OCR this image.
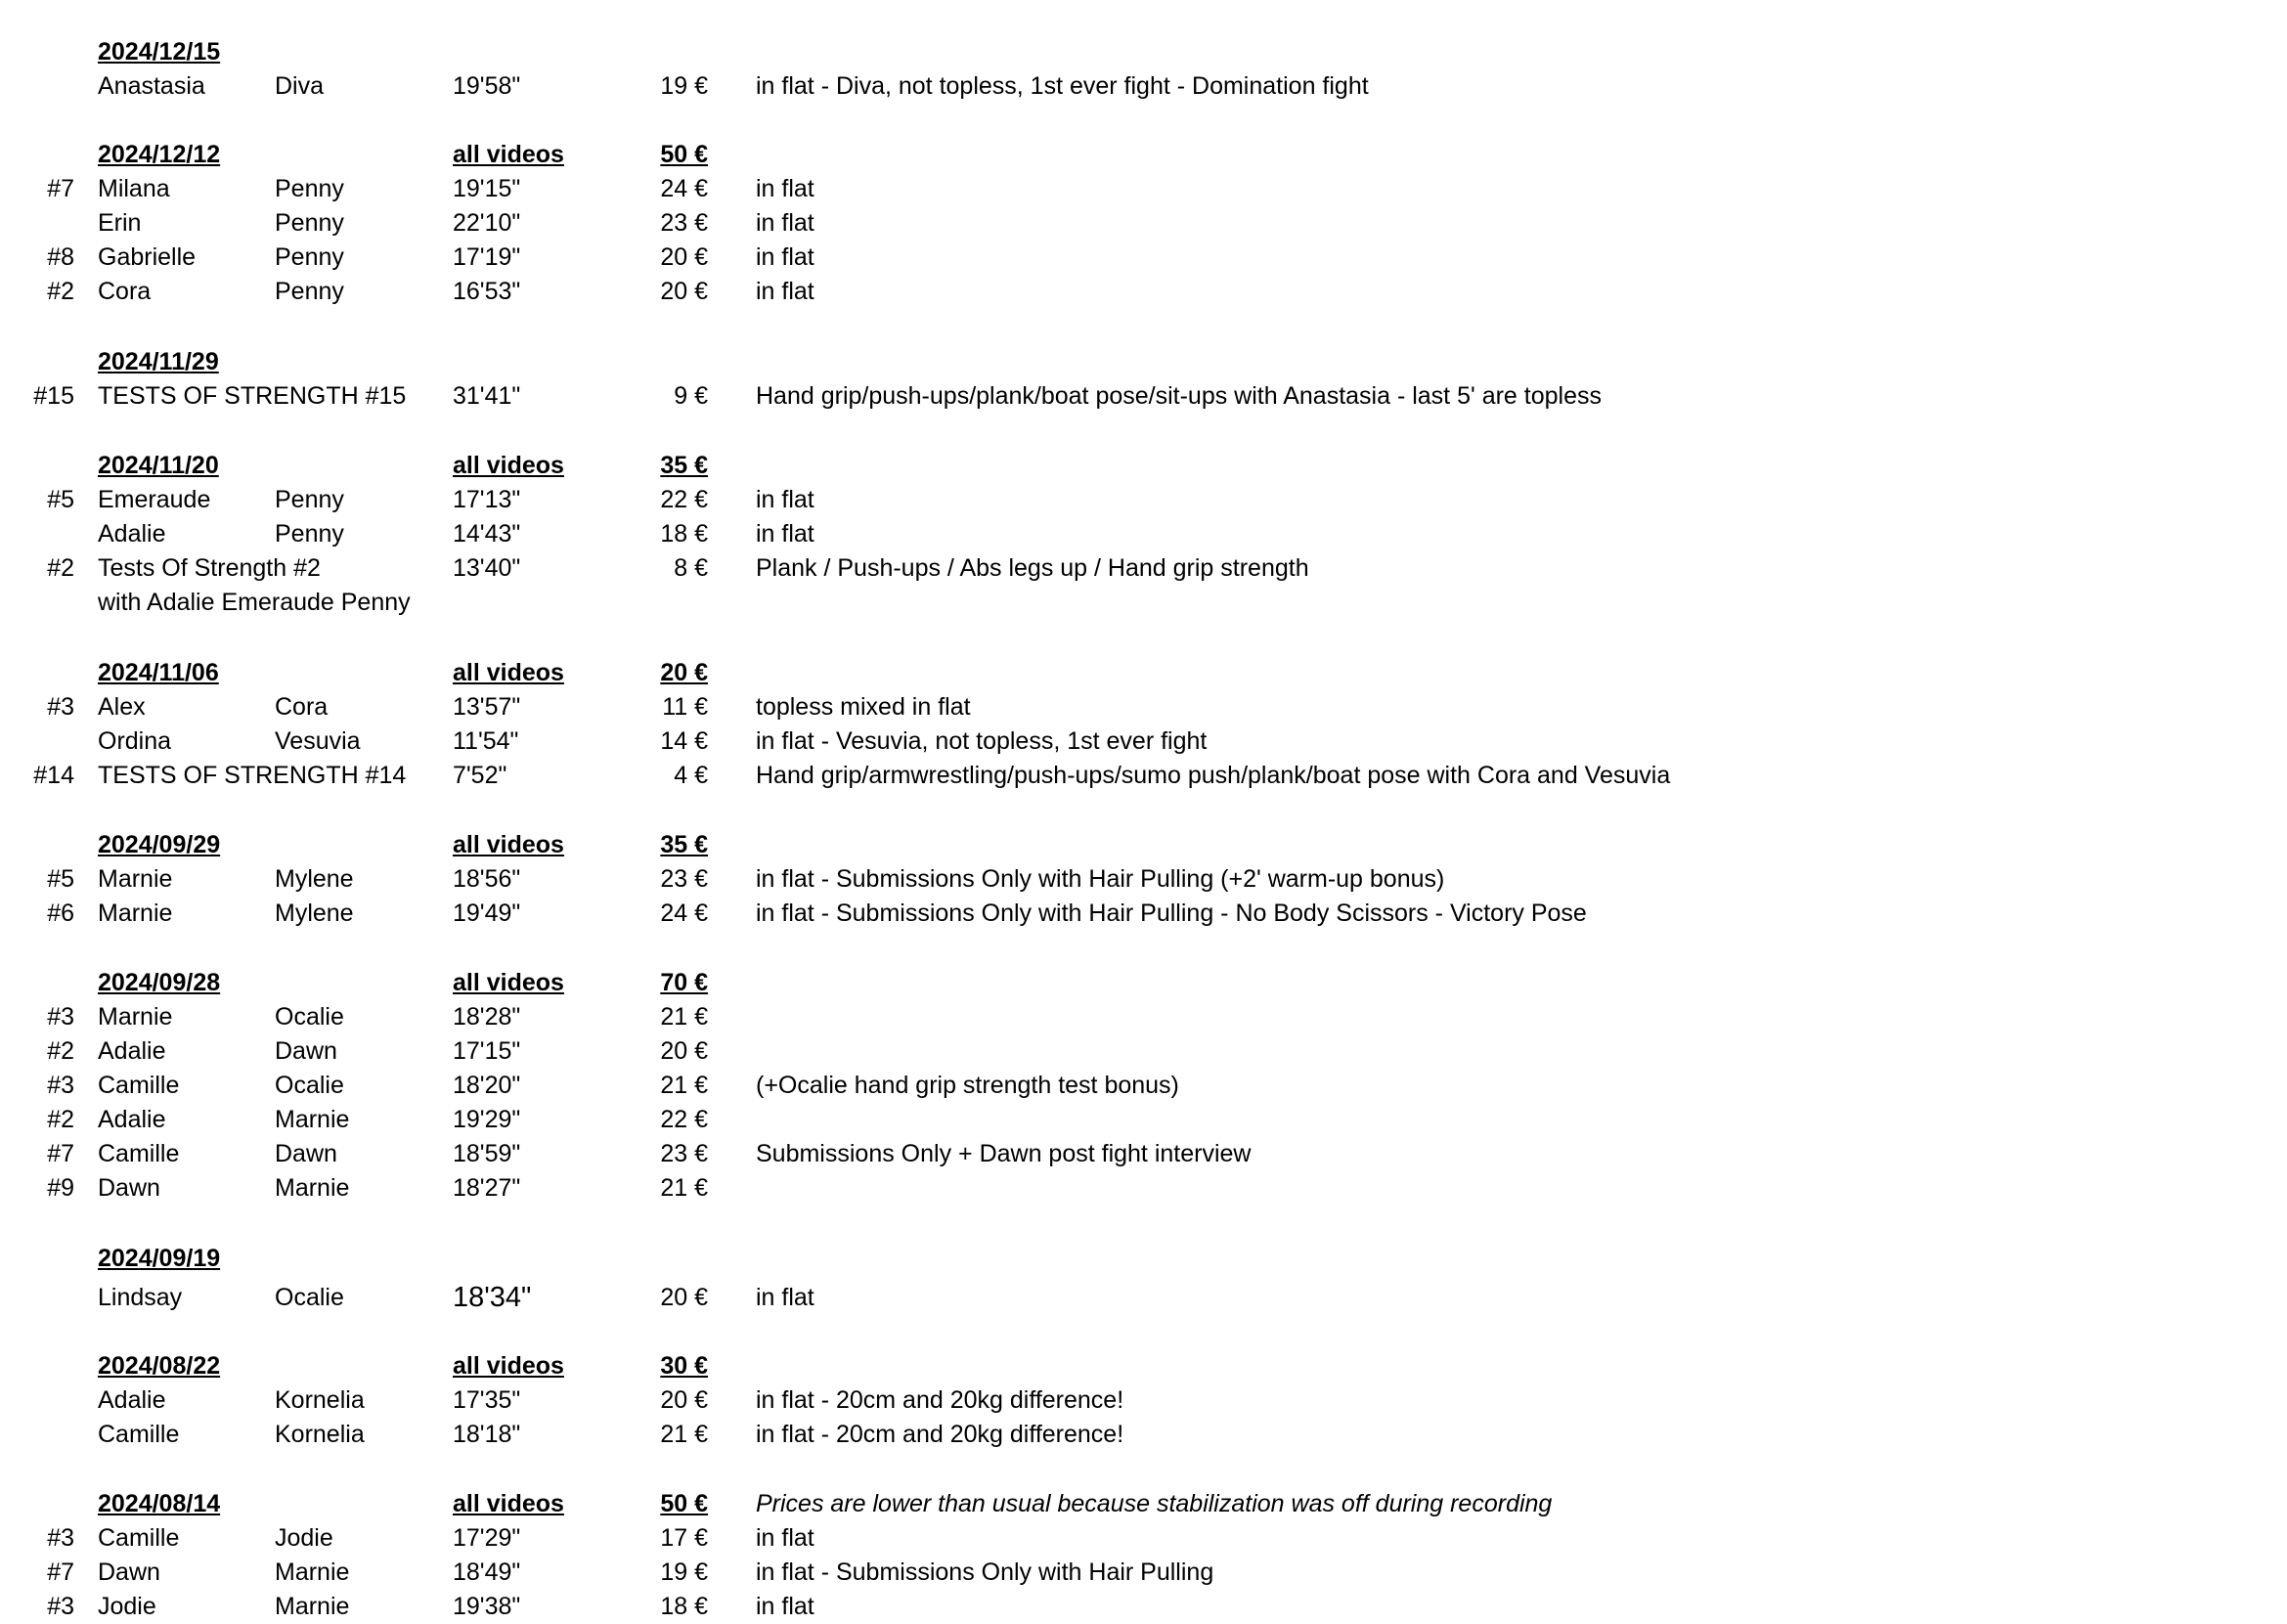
2024/12/15
Anastasia	Diva	19'58"	19 € in flat - Diva, not topless, 1st ever fight - Domination fight
2024/12/12	all videos	50 €
#7 Milana	Penny	19'15"	24 € in flat
Erin	Penny	22'10"	23 € in flat
#8 Gabrielle	Penny	17'19"	20 € in flat
#2 Cora	Penny	16'53"	20 € in flat
2024/11/29
#15 TESTS OF STRENGTH #15 31'41"	9 € Hand grip/push-ups/plank/boat pose/sit-ups with Anastasia - last 5' are topless
2024/11/20	all videos	35 €
#5 Emeraude	Penny	17'13"	22 € in flat
Adalie	Penny	14'43"	18 € in flat
#2 Tests Of Strength #2	13'40"	8 € Plank / Push-ups / Abs legs up / Hand grip strength
with Adalie Emeraude Penny
2024/11/06	all videos	20 €
#3 Alex	Cora	13'57"	11 € topless mixed in flat
Ordina	Vesuvia	11'54"	14 € in flat - Vesuvia, not topless, 1st ever fight
#14 TESTS OF STRENGTH #14 7'52"	4 € Hand grip/armwrestling/push-ups/sumo push/plank/boat pose with Cora and Vesuvia
2024/09/29	all videos	35 €
#5 Marnie	Mylene	18'56"	23 € in flat - Submissions Only with Hair Pulling (+2' warm-up bonus)
#6 Marnie	Mylene	19'49"	24 € in flat - Submissions Only with Hair Pulling - No Body Scissors - Victory Pose
2024/09/28	all videos	70 €
#3 Marnie	Ocalie	18'28"	21 €
#2 Adalie	Dawn	17'15"	20 €
#3 Camille	Ocalie	18'20"	21 € (+Ocalie hand grip strength test bonus)
#2 Adalie	Marnie	19'29"	22 €
#7 Camille	Dawn	18'59"	23 € Submissions Only + Dawn post fight interview
#9 Dawn	Marnie	18'27"	21 €
2024/09/19
Lindsay	Ocalie	18'34"	20 € in flat
2024/08/22	all videos	30 €
Adalie	Kornelia	17'35"	20 € in flat - 20cm and 20kg difference!
Camille	Kornelia	18'18"	21 € in flat - 20cm and 20kg difference!
2024/08/14	all videos	50 € Prices are lower than usual because stabilization was off during recording
#3 Camille	Jodie	17'29"	17 € in flat
#7 Dawn	Marnie	18'49"	19 € in flat - Submissions Only with Hair Pulling
#3 Jodie	Marnie	19'38"	18 € in flat
